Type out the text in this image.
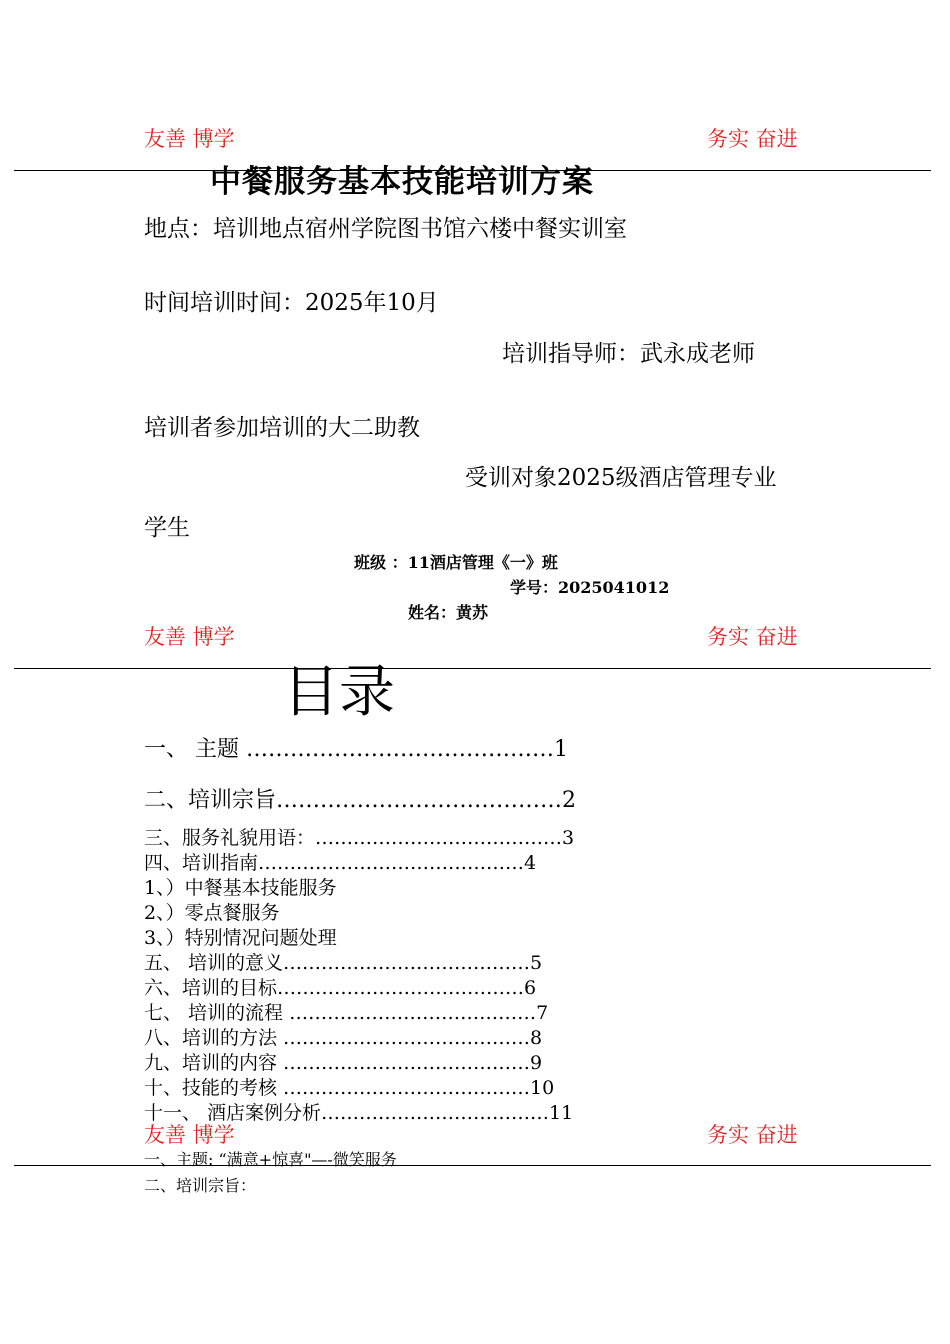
友善 博学	务实 奋进
中餐服务基本技能培训方案
地点：培训地点宿州学院图书馆六楼中餐实训室
时间培训时间：2025年10月
培训指导师：武永成老师
培训者参加培训的大二助教
受训对象2025级酒店管理专业
学生
班级 ：11酒店管理《一》班
学号：2025041012
姓名：黄苏
友善 博学	务实 奋进
目录
一、 主题 ……………………………………1
二、培训宗旨…………………………………2
三、服务礼貌用语：…………………………………3
四、培训指南……………………………………4
1、）中餐基本技能服务
2、）零点餐服务
3、）特别情况问题处理
五、 培训的意义…………………………………5
六、培训的目标…………………………………6
七、 培训的流程 …………………………………7
八、培训的方法 …………………………………8
九、培训的内容 …………………………………9
十、技能的考核 …………………………………10
十一、 酒店案例分析………………………………11
友善 博学	务实 奋进
一、主题: “满意+惊喜"—-微笑服务
二、培训宗旨：
